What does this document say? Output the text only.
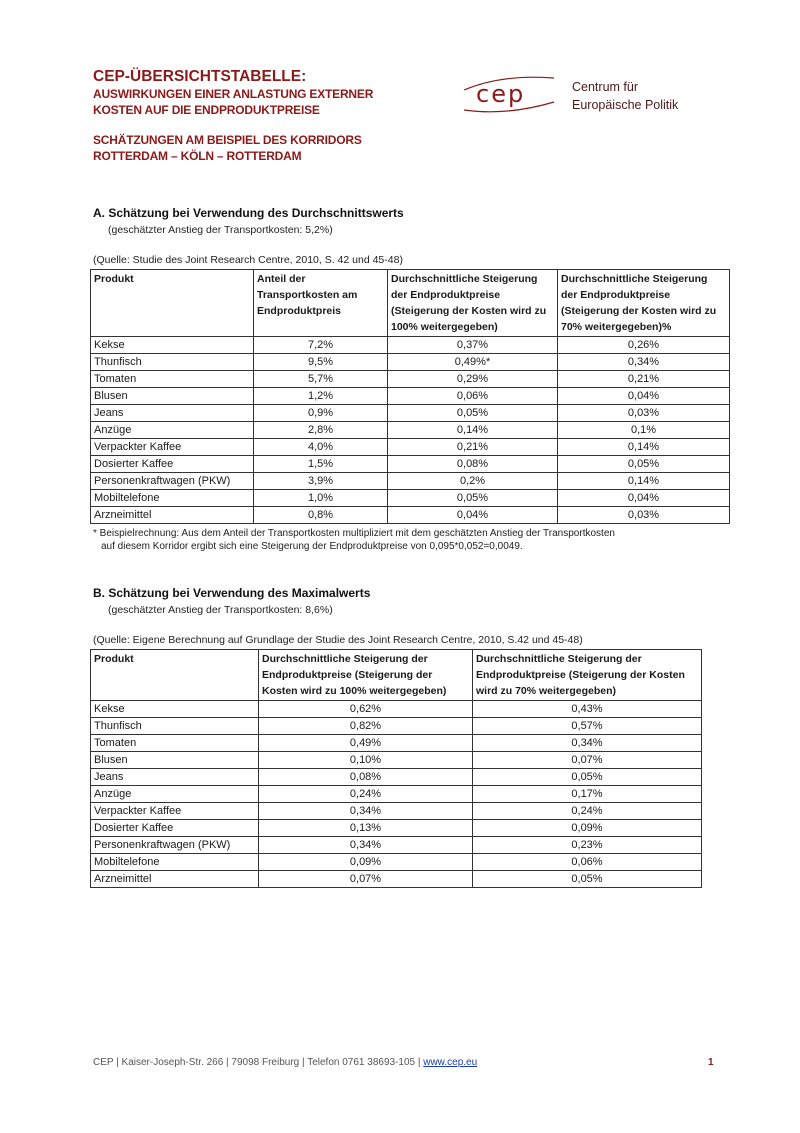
CEP-ÜBERSICHTSTABELLE:
AUSWIRKUNGEN EINER ANLASTUNG EXTERNER
KOSTEN AUF DIE ENDPRODUKTPREISE
SCHÄTZUNGEN AM BEISPIEL DES KORRIDORS
ROTTERDAM – KÖLN – ROTTERDAM
cep	Centrum für
Europäische Politik
A. Schätzung bei Verwendung des Durchschnittswerts
(geschätzter Anstieg der Transportkosten: 5,2%)
(Quelle: Studie des Joint Research Centre, 2010, S. 42 und 45-48)
Produkt	Anteil der Transportkosten am Endproduktpreis	Durchschnittliche Steigerung der Endproduktpreise (Steigerung der Kosten wird zu 100% weitergegeben)	Durchschnittliche Steigerung der Endproduktpreise (Steigerung der Kosten wird zu 70% weitergegeben)%
Kekse	7,2%	0,37%	0,26%
Thunfisch	9,5%	0,49%*	0,34%
Tomaten	5,7%	0,29%	0,21%
Blusen	1,2%	0,06%	0,04%
Jeans	0,9%	0,05%	0,03%
Anzüge	2,8%	0,14%	0,1%
Verpackter Kaffee	4,0%	0,21%	0,14%
Dosierter Kaffee	1,5%	0,08%	0,05%
Personenkraftwagen (PKW)	3,9%	0,2%	0,14%
Mobiltelefone	1,0%	0,05%	0,04%
Arzneimittel	0,8%	0,04%	0,03%
* Beispielrechnung: Aus dem Anteil der Transportkosten multipliziert mit dem geschätzten Anstieg der Transportkosten
auf diesem Korridor ergibt sich eine Steigerung der Endproduktpreise von 0,095*0,052=0,0049.
B. Schätzung bei Verwendung des Maximalwerts
(geschätzter Anstieg der Transportkosten: 8,6%)
(Quelle: Eigene Berechnung auf Grundlage der Studie des Joint Research Centre, 2010, S.42 und 45-48)
Produkt	Durchschnittliche Steigerung der Endproduktpreise (Steigerung der Kosten wird zu 100% weitergegeben)	Durchschnittliche Steigerung der Endproduktpreise (Steigerung der Kosten wird zu 70% weitergegeben)
Kekse	0,62%	0,43%
Thunfisch	0,82%	0,57%
Tomaten	0,49%	0,34%
Blusen	0,10%	0,07%
Jeans	0,08%	0,05%
Anzüge	0,24%	0,17%
Verpackter Kaffee	0,34%	0,24%
Dosierter Kaffee	0,13%	0,09%
Personenkraftwagen (PKW)	0,34%	0,23%
Mobiltelefone	0,09%	0,06%
Arzneimittel	0,07%	0,05%
CEP | Kaiser-Joseph-Str. 266 | 79098 Freiburg | Telefon 0761 38693-105 | www.cep.eu	1
